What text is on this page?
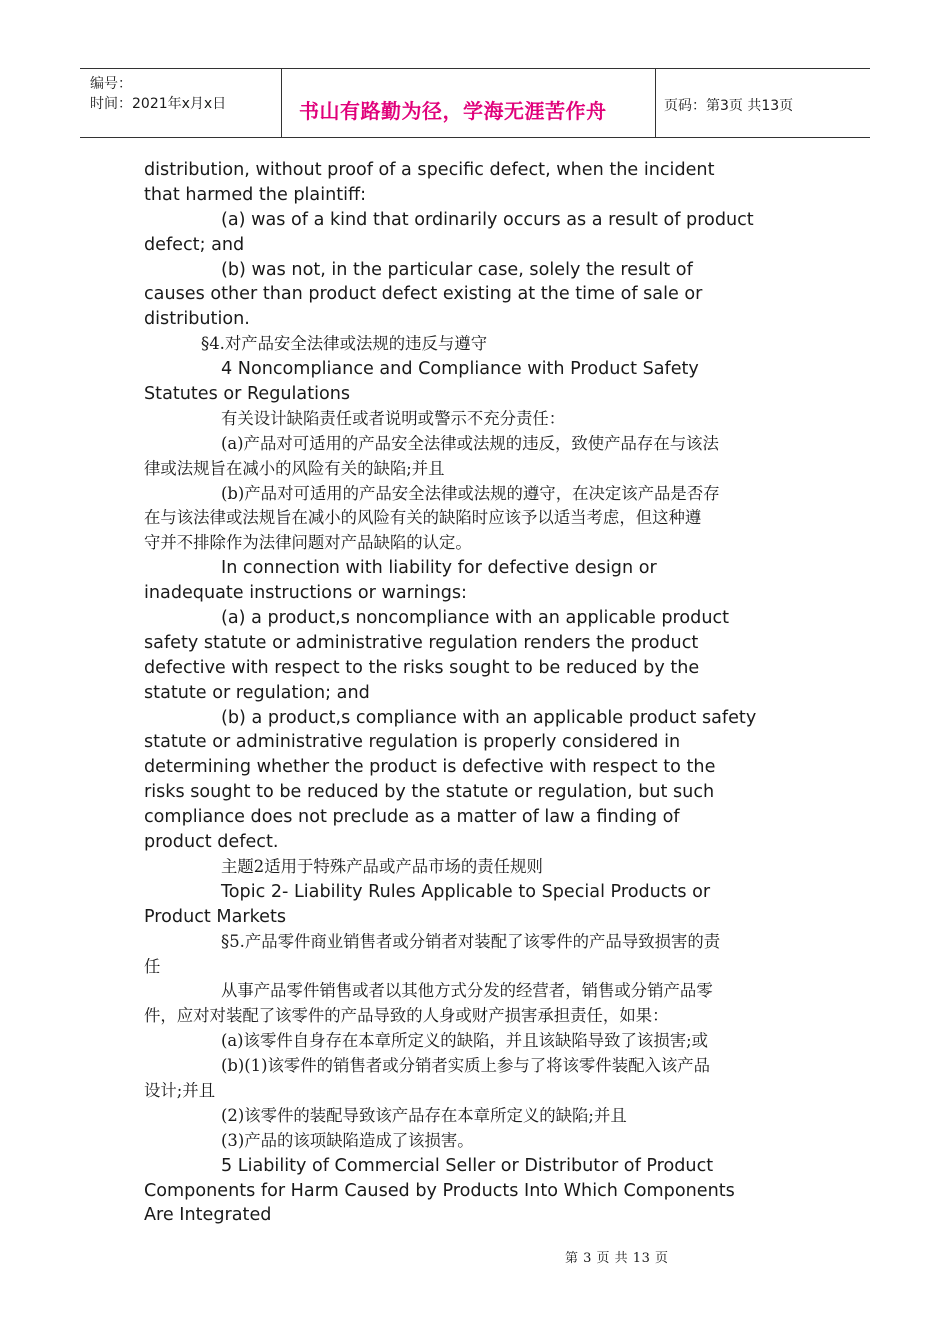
编号：
时间：2021年x月x日	书山有路勤为径，学海无涯苦作舟	页码：第3页 共13页
distribution, without proof of a specific defect, when the incident
that harmed the plaintiff:
(a) was of a kind that ordinarily occurs as a result of product
defect; and
(b) was not, in the particular case, solely the result of
causes other than product defect existing at the time of sale or
distribution.
§4.对产品安全法律或法规的违反与遵守
4 Noncompliance and Compliance with Product Safety
Statutes or Regulations
有关设计缺陷责任或者说明或警示不充分责任：
(a)产品对可适用的产品安全法律或法规的违反，致使产品存在与该法
律或法规旨在减小的风险有关的缺陷;并且
(b)产品对可适用的产品安全法律或法规的遵守，在决定该产品是否存
在与该法律或法规旨在减小的风险有关的缺陷时应该予以适当考虑，但这种遵
守并不排除作为法律问题对产品缺陷的认定。
In connection with liability for defective design or
inadequate instructions or warnings:
(a) a product,s noncompliance with an applicable product
safety statute or administrative regulation renders the product
defective with respect to the risks sought to be reduced by the
statute or regulation; and
(b) a product,s compliance with an applicable product safety
statute or administrative regulation is properly considered in
determining whether the product is defective with respect to the
risks sought to be reduced by the statute or regulation, but such
compliance does not preclude as a matter of law a finding of
product defect.
主题2适用于特殊产品或产品市场的责任规则
Topic 2- Liability Rules Applicable to Special Products or
Product Markets
§5.产品零件商业销售者或分销者对装配了该零件的产品导致损害的责
任
从事产品零件销售或者以其他方式分发的经营者，销售或分销产品零
件，应对对装配了该零件的产品导致的人身或财产损害承担责任，如果：
(a)该零件自身存在本章所定义的缺陷，并且该缺陷导致了该损害;或
(b)(1)该零件的销售者或分销者实质上参与了将该零件装配入该产品
设计;并且
(2)该零件的装配导致该产品存在本章所定义的缺陷;并且
(3)产品的该项缺陷造成了该损害。
5 Liability of Commercial Seller or Distributor of Product
Components for Harm Caused by Products Into Which Components
Are Integrated
第 3 页 共 13 页
